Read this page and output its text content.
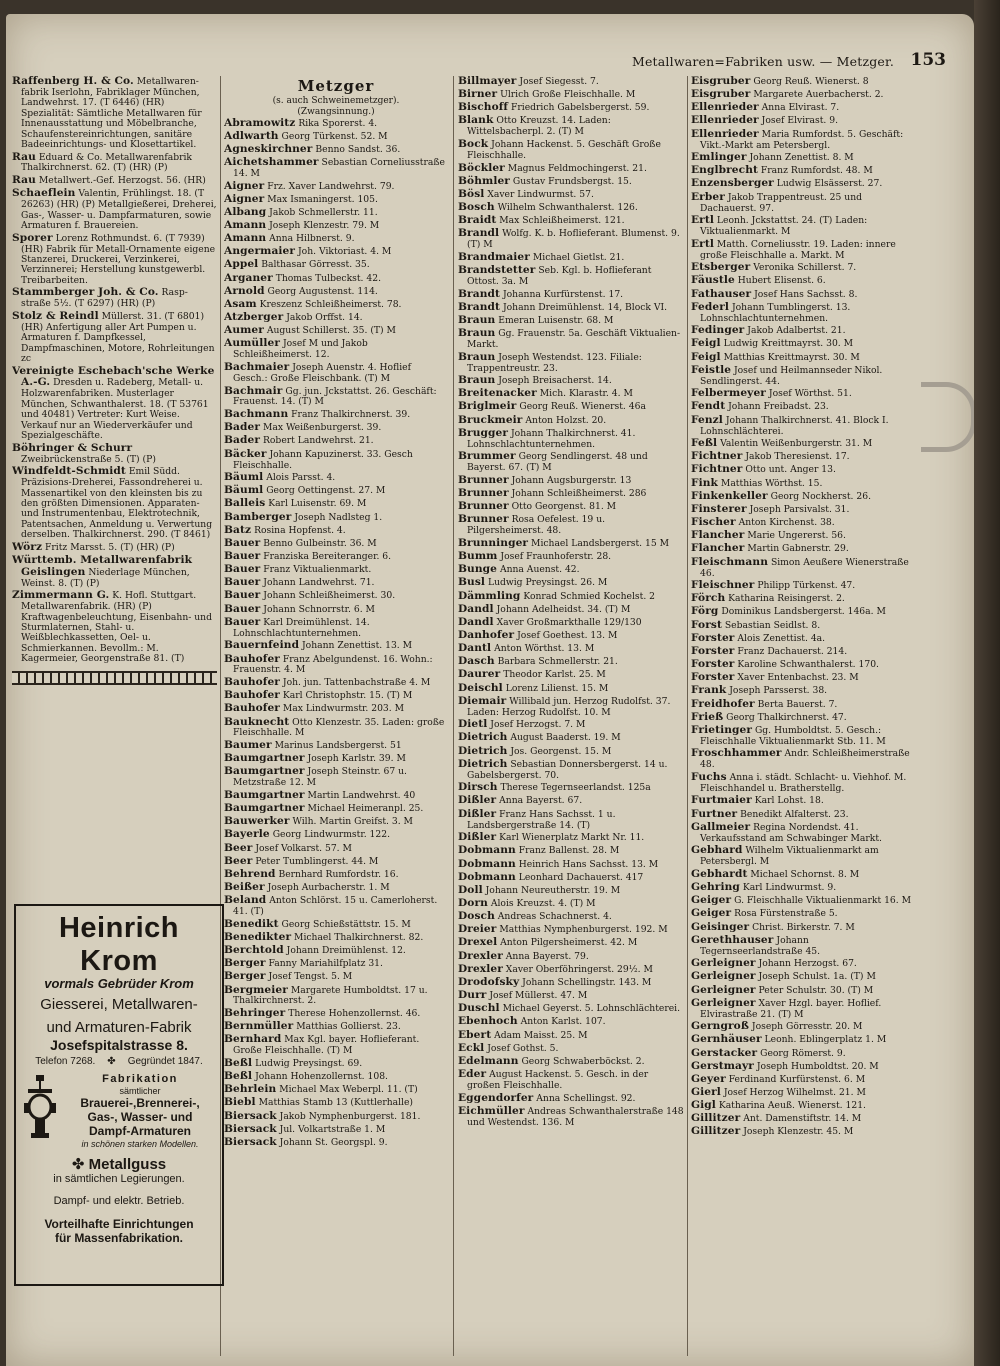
Metallwaren=Fabriken usw. — Metzger. 153
Raffenberg H. & Co. Metallwaren-fabrik Iserlohn, Fabriklager München, Landwehrst. 17. (T 6446) (HR) Spezialität: Sämtliche Metallwaren für Innenausstattung und Möbelbranche, Schaufenstereinrichtungen, sanitäre Badeeinrichtungs- und Klosettartikel.
Rau Eduard & Co. Metallwarenfabrik Thalkirchnerst. 62. (T) (HR) (P)
Rau Metallwert.-Gef. Herzogst. 56. (HR)
Schaeflein Valentin, Frühlingst. 18. (T 26263) (HR) (P) Metallgießerei, Dreherei, Gas-, Wasser- u. Dampfarmaturen, sowie Armaturen f. Brauereien.
Sporer Lorenz Rothmundst. 6. (T 7939) (HR) Fabrik für Metall-Ornamente eigene Stanzerei, Druckerei, Verzinkerei, Verzinnerei; Herstellung kunstgewerbl. Treibarbeiten.
Stammberger Joh. & Co. Rasp-straße 5½. (T 6297) (HR) (P)
Stolz & Reindl Müllerst. 31. (T 6801) (HR) Anfertigung aller Art Pumpen u. Armaturen f. Dampfkessel, Dampfmaschinen, Motore, Rohrleitungen zc
Vereinigte Eschebach'sche Werke A.-G. Dresden u. Radeberg, Metall- u. Holzwarenfabriken. Musterlager München, Schwanthalerst. 18. (T 53761 und 40481) Vertreter: Kurt Weise. Verkauf nur an Wiederverkäufer und Spezialgeschäfte.
Böhringer & Schurr Zweibrückenstraße 5. (T) (P)
Windfeldt-Schmidt Emil Südd. Präzisions-Dreherei, Fassondreherei u. Massenartikel von den kleinsten bis zu den größten Dimensionen. Apparaten- und Instrumentenbau, Elektrotechnik, Patentsachen, Anmeldung u. Verwertung derselben. Thalkirchnerst. 290. (T 8461)
Wörz Fritz Marsst. 5. (T) (HR) (P)
Württemb. Metallwarenfabrik Geislingen Niederlage München, Weinst. 8. (T) (P)
Zimmermann G. K. Hofl. Stuttgart. Metallwarenfabrik. (HR) (P) Kraftwagenbeleuchtung, Eisenbahn- und Sturmlaternen, Stahl- u. Weißblechkassetten, Oel- u. Schmierkannen. Bevollm.: M. Kagermeier, Georgenstraße 81. (T)
Heinrich Krom
vormals Gebrüder Krom
Giesserei, Metallwaren-
und Armaturen-Fabrik
Josefspitalstrasse 8.
Telefon 7268. ✤ Gegründet 1847.
Fabrikation
sämtlicher
Brauerei-,Brennerei-,
Gas-, Wasser- und
Dampf-Armaturen
in schönen starken Modellen.
✤ Metallguss
in sämtlichen Legierungen.
Dampf- und elektr. Betrieb.
Vorteilhafte Einrichtungen
für Massenfabrikation.
Metzger
(s. auch Schweinemetzger).
(Zwangsinnung.)
Abramowitz Rika Sporerst. 4.
Adlwarth Georg Türkenst. 52. M
Agneskirchner Benno Sandst. 36.
Aichetshammer Sebastian Corneliusstraße 14. M
Aigner Frz. Xaver Landwehrst. 79.
Aigner Max Ismaningerst. 105.
Albang Jakob Schmellerstr. 11.
Amann Joseph Klenzestr. 79. M
Amann Anna Hilbnerst. 9.
Angermaier Joh. Viktoriast. 4. M
Appel Balthasar Görresst. 35.
Arganer Thomas Tulbeckst. 42.
Arnold Georg Augustenst. 114.
Asam Kreszenz Schleißheimerst. 78.
Atzberger Jakob Orffst. 14.
Aumer August Schillerst. 35. (T) M
Aumüller Josef M und Jakob Schleißheimerst. 12.
Bachmaier Joseph Auenstr. 4. Hoflief Gesch.: Große Fleischbank. (T) M
Bachmair Gg. jun. Jckstattst. 26. Geschäft: Frauenst. 14. (T) M
Bachmann Franz Thalkirchnerst. 39.
Bader Max Weißenburgerst. 39.
Bader Robert Landwehrst. 21.
Bäcker Johann Kapuzinerst. 33. Gesch Fleischhalle.
Bäuml Alois Parsst. 4.
Bäuml Georg Oettingenst. 27. M
Balleis Karl Luisenstr. 69. M
Bamberger Joseph Nadlsteg 1.
Batz Rosina Hopfenst. 4.
Bauer Benno Gulbeinstr. 36. M
Bauer Franziska Bereiteranger. 6.
Bauer Franz Viktualienmarkt.
Bauer Johann Landwehrst. 71.
Bauer Johann Schleißheimerst. 30.
Bauer Johann Schnorrstr. 6. M
Bauer Karl Dreimühlenst. 14. Lohnschlachtunternehmen.
Bauernfeind Johann Zenettist. 13. M
Bauhofer Franz Abelgundenst. 16. Wohn.: Frauenstr. 4. M
Bauhofer Joh. jun. Tattenbachstraße 4. M
Bauhofer Karl Christophstr. 15. (T) M
Bauhofer Max Lindwurmstr. 203. M
Bauknecht Otto Klenzestr. 35. Laden: große Fleischhalle. M
Baumer Marinus Landsbergerst. 51
Baumgartner Joseph Karlstr. 39. M
Baumgartner Joseph Steinstr. 67 u. Metzstraße 12. M
Baumgartner Martin Landwehrst. 40
Baumgartner Michael Heimeranpl. 25.
Bauwerker Wilh. Martin Greifst. 3. M
Bayerle Georg Lindwurmstr. 122.
Beer Josef Volkarst. 57. M
Beer Peter Tumblingerst. 44. M
Behrend Bernhard Rumfordstr. 16.
Beißer Joseph Aurbacherstr. 1. M
Beland Anton Schlörst. 15 u. Camerloherst. 41. (T)
Benedikt Georg Schießstättstr. 15. M
Benedikter Michael Thalkirchnerst. 82.
Berchtold Johann Dreimühlenst. 12.
Berger Fanny Mariahilfplatz 31.
Berger Josef Tengst. 5. M
Bergmeier Margarete Humboldtst. 17 u. Thalkirchnerst. 2.
Behringer Therese Hohenzollernst. 46.
Bernmüller Matthias Gollierst. 23.
Bernhard Max Kgl. bayer. Hoflieferant. Große Fleischhalle. (T) M
Beßl Ludwig Preysingst. 69.
Beßl Johann Hohenzollernst. 108.
Behrlein Michael Max Weberpl. 11. (T)
Biebl Matthias Stamb 13 (Kuttlerhalle)
Biersack Jakob Nymphenburgerst. 181.
Biersack Jul. Volkartstraße 1. M
Biersack Johann St. Georgspl. 9.
Billmayer Josef Siegesst. 7.
Birner Ulrich Große Fleischhalle. M
Bischoff Friedrich Gabelsbergerst. 59.
Blank Otto Kreuzst. 14. Laden: Wittelsbacherpl. 2. (T) M
Bock Johann Hackenst. 5. Geschäft Große Fleischhalle.
Böckler Magnus Feldmochingerst. 21.
Böhmler Gustav Frundsbergst. 15.
Bösl Xaver Lindwurmst. 57.
Bosch Wilhelm Schwanthalerst. 126.
Braidt Max Schleißheimerst. 121.
Brandl Wolfg. K. b. Hoflieferant. Blumenst. 9. (T) M
Brandmaier Michael Gietlst. 21.
Brandstetter Seb. Kgl. b. Hoflieferant Ottost. 3a. M
Brandt Johanna Kurfürstenst. 17.
Brandt Johann Dreimühlenst. 14, Block VI.
Braun Emeran Luisenstr. 68. M
Braun Gg. Frauenstr. 5a. Geschäft Viktualien-Markt.
Braun Joseph Westendst. 123. Filiale: Trappentreustr. 23.
Braun Joseph Breisacherst. 14.
Breitenacker Mich. Klarastr. 4. M
Briglmeir Georg Reuß. Wienerst. 46a
Bruckmeir Anton Holzst. 20.
Brugger Johann Thalkirchnerst. 41. Lohnschlachtunternehmen.
Brummer Georg Sendlingerst. 48 und Bayerst. 67. (T) M
Brunner Johann Augsburgerstr. 13
Brunner Johann Schleißheimerst. 286
Brunner Otto Georgenst. 81. M
Brunner Rosa Oefelest. 19 u. Pilgersheimerst. 48.
Brunninger Michael Landsbergerst. 15 M
Bumm Josef Fraunhoferstr. 28.
Bunge Anna Auenst. 42.
Busl Ludwig Preysingst. 26. M
Dämmling Konrad Schmied Kochelst. 2
Dandl Johann Adelheidst. 34. (T) M
Dandl Xaver Großmarkthalle 129/130
Danhofer Josef Goethest. 13. M
Dantl Anton Wörthst. 13. M
Dasch Barbara Schmellerstr. 21.
Daurer Theodor Karlst. 25. M
Deischl Lorenz Lilienst. 15. M
Diemair Willibald jun. Herzog Rudolfst. 37. Laden: Herzog Rudolfst. 10. M
Dietl Josef Herzogst. 7. M
Dietrich August Baaderst. 19. M
Dietrich Jos. Georgenst. 15. M
Dietrich Sebastian Donnersbergerst. 14 u. Gabelsbergerst. 70.
Dirsch Therese Tegernseerlandst. 125a
Dißler Anna Bayerst. 67.
Dißler Franz Hans Sachsst. 1 u. Landsbergerstraße 14. (T)
Dißler Karl Wienerplatz Markt Nr. 11.
Dobmann Franz Ballenst. 28. M
Dobmann Heinrich Hans Sachsst. 13. M
Dobmann Leonhard Dachauerst. 417
Doll Johann Neureutherstr. 19. M
Dorn Alois Kreuzst. 4. (T) M
Dosch Andreas Schachnerst. 4.
Dreier Matthias Nymphenburgerst. 192. M
Drexel Anton Pilgersheimerst. 42. M
Drexler Anna Bayerst. 79.
Drexler Xaver Oberföhringerst. 29½. M
Drodofsky Johann Schellingstr. 143. M
Durr Josef Müllerst. 47. M
Duschl Michael Geyerst. 5. Lohnschlächterei.
Ebenhoch Anton Karlst. 107.
Ebert Adam Maisst. 25. M
Eckl Josef Gothst. 5.
Edelmann Georg Schwaberböckst. 2.
Eder August Hackenst. 5. Gesch. in der großen Fleischhalle.
Eggendorfer Anna Schellingst. 92.
Eichmüller Andreas Schwanthalerstraße 148 und Westendst. 136. M
Eisgruber Georg Reuß. Wienerst. 8
Eisgruber Margarete Auerbacherst. 2.
Ellenrieder Anna Elvirast. 7.
Ellenrieder Josef Elvirast. 9.
Ellenrieder Maria Rumfordst. 5. Geschäft: Vikt.-Markt am Petersbergl.
Emlinger Johann Zenettist. 8. M
Englbrecht Franz Rumfordst. 48. M
Enzensberger Ludwig Elsässerst. 27.
Erber Jakob Trappentreust. 25 und Dachauerst. 97.
Ertl Leonh. Jckstattst. 24. (T) Laden: Viktualienmarkt. M
Ertl Matth. Corneliusstr. 19. Laden: innere große Fleischhalle a. Markt. M
Etsberger Veronika Schillerst. 7.
Fäustle Hubert Elisenst. 6.
Fathauser Josef Hans Sachsst. 8.
Federl Johann Tumblingerst. 13. Lohnschlachtunternehmen.
Fedinger Jakob Adalbertst. 21.
Feigl Ludwig Kreittmayrst. 30. M
Feigl Matthias Kreittmayrst. 30. M
Feistle Josef und Heilmannseder Nikol. Sendlingerst. 44.
Felbermeyer Josef Wörthst. 51.
Fendt Johann Freibadst. 23.
Fenzl Johann Thalkirchnerst. 41. Block I. Lohnschlächterei.
Feßl Valentin Weißenburgerstr. 31. M
Fichtner Jakob Theresienst. 17.
Fichtner Otto unt. Anger 13.
Fink Matthias Wörthst. 15.
Finkenkeller Georg Nockherst. 26.
Finsterer Joseph Parsivalst. 31.
Fischer Anton Kirchenst. 38.
Flancher Marie Ungererst. 56.
Flancher Martin Gabnerstr. 29.
Fleischmann Simon Aeußere Wienerstraße 46.
Fleischner Philipp Türkenst. 47.
Förch Katharina Reisingerst. 2.
Förg Dominikus Landsbergerst. 146a. M
Forst Sebastian Seidlst. 8.
Forster Alois Zenettist. 4a.
Forster Franz Dachauerst. 214.
Forster Karoline Schwanthalerst. 170.
Forster Xaver Entenbachst. 23. M
Frank Joseph Parsserst. 38.
Freidhofer Berta Bauerst. 7.
Frieß Georg Thalkirchnerst. 47.
Frietinger Gg. Humboldtst. 5. Gesch.: Fleischhalle Viktualienmarkt Stb. 11. M
Froschhammer Andr. Schleißheimerstraße 48.
Fuchs Anna i. städt. Schlacht- u. Viehhof. M. Fleischhandel u. Bratherstellg.
Furtmaier Karl Lohst. 18.
Furtner Benedikt Alfalterst. 23.
Gallmeier Regina Nordendst. 41. Verkaufsstand am Schwabinger Markt.
Gebhard Wilhelm Viktualienmarkt am Petersbergl. M
Gebhardt Michael Schornst. 8. M
Gehring Karl Lindwurmst. 9.
Geiger G. Fleischhalle Viktualienmarkt 16. M
Geiger Rosa Fürstenstraße 5.
Geisinger Christ. Birkerstr. 7. M
Gerethhauser Johann Tegernseerlandstraße 45.
Gerleigner Johann Herzogst. 67.
Gerleigner Joseph Schulst. 1a. (T) M
Gerleigner Peter Schulstr. 30. (T) M
Gerleigner Xaver Hzgl. bayer. Hoflief. Elvirastraße 21. (T) M
Gerngroß Joseph Görresstr. 20. M
Gernhäuser Leonh. Eblingerplatz 1. M
Gerstacker Georg Römerst. 9.
Gerstmayr Joseph Humboldtst. 20. M
Geyer Ferdinand Kurfürstenst. 6. M
Gierl Josef Herzog Wilhelmst. 21. M
Gigl Katharina Aeuß. Wienerst. 121.
Gillitzer Ant. Damenstiftstr. 14. M
Gillitzer Joseph Klenzestr. 45. M
